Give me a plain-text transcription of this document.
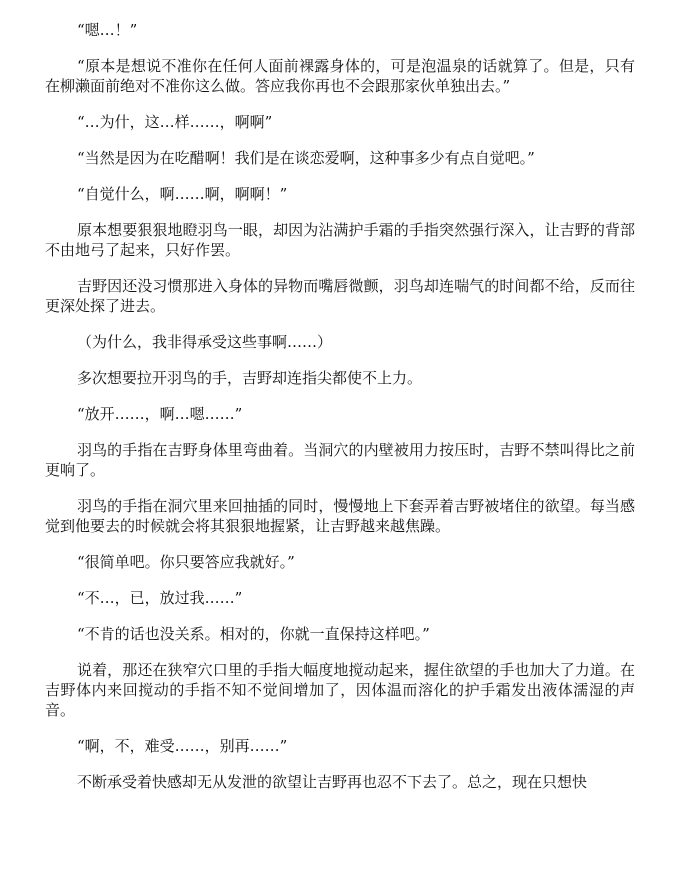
“嗯…！”

“原本是想说不准你在任何人面前裸露身体的，可是泡温泉的话就算了。但是，只有在柳濑面前绝对不准你这么做。答应我你再也不会跟那家伙单独出去。”

“…为什，这…样……，啊啊”

“当然是因为在吃醋啊！我们是在谈恋爱啊，这种事多少有点自觉吧。”

“自觉什么，啊……啊，啊啊！”

原本想要狠狠地瞪羽鸟一眼，却因为沾满护手霜的手指突然强行深入，让吉野的背部不由地弓了起来，只好作罢。

吉野因还没习惯那进入身体的异物而嘴唇微颤，羽鸟却连喘气的时间都不给，反而往更深处探了进去。

（为什么，我非得承受这些事啊……）

多次想要拉开羽鸟的手，吉野却连指尖都使不上力。

“放开……，啊…嗯……”

羽鸟的手指在吉野身体里弯曲着。当洞穴的内壁被用力按压时，吉野不禁叫得比之前更响了。

羽鸟的手指在洞穴里来回抽插的同时，慢慢地上下套弄着吉野被堵住的欲望。每当感觉到他要去的时候就会将其狠狠地握紧，让吉野越来越焦躁。

“很简单吧。你只要答应我就好。”

“不…，已，放过我……”

“不肯的话也没关系。相对的，你就一直保持这样吧。”

说着，那还在狭窄穴口里的手指大幅度地搅动起来，握住欲望的手也加大了力道。在吉野体内来回搅动的手指不知不觉间增加了，因体温而溶化的护手霜发出液体濡湿的声音。

“啊，不，难受……，别再……”

不断承受着快感却无从发泄的欲望让吉野再也忍不下去了。总之，现在只想快
